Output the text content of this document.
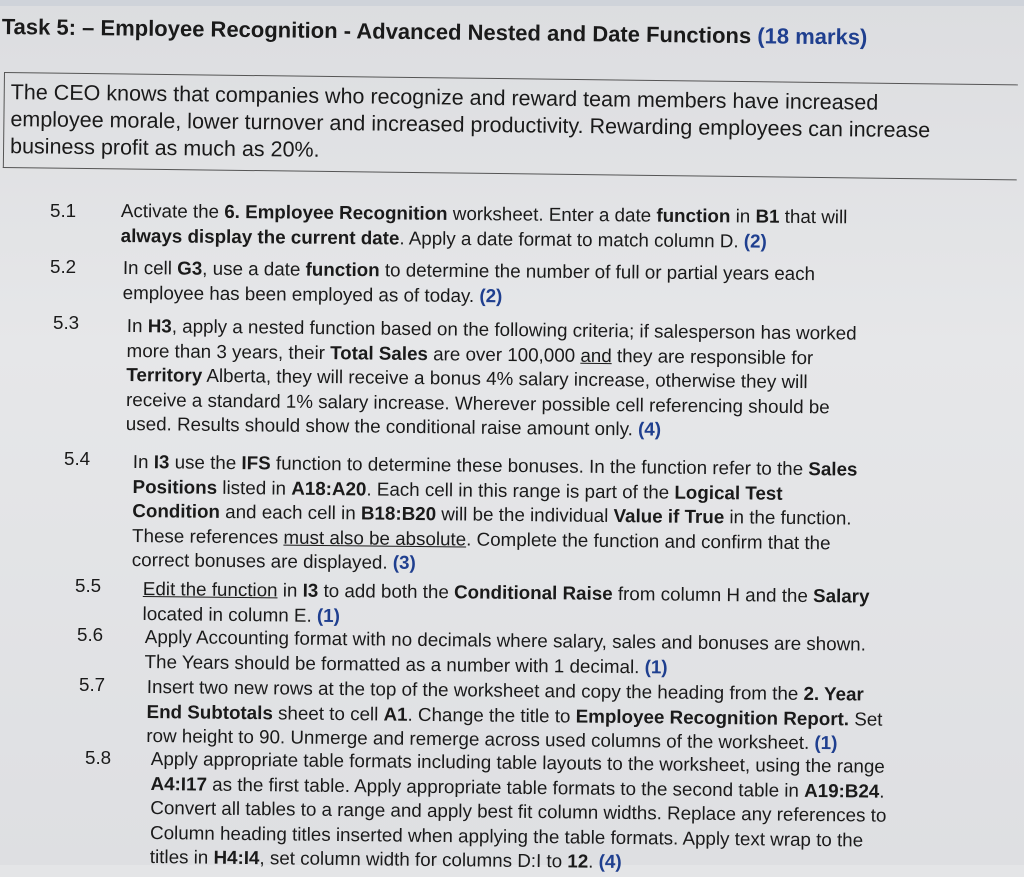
Task 5: – Employee Recognition - Advanced Nested and Date Functions (18 marks)

The CEO knows that companies who recognize and reward team members have increased

employee morale, lower turnover and increased productivity. Rewarding employees can increase

business profit as much as 20%.

5.1 Activate the 6. Employee Recognition worksheet. Enter a date function in B1 that will
always display the current date. Apply a date format to match column D. (2)
5.2 In cell G3, use a date function to determine the number of full or partial years each
employee has been employed as of today. (2)
5.3	In H3, apply a nested function based on the following criteria; if salesperson has worked
more than 3 years, their Total Sales are over 100,000 and they are responsible for
Territory Alberta, they will receive a bonus 4% salary increase, otherwise they will
receive a standard 1% salary increase. Wherever possible cell referencing should be
used. Results should show the conditional raise amount only. (4)
5.4 In I3 use the IFS function to determine these bonuses. In the function refer to the Sales
Positions listed in A18:A20. Each cell in this range is part of the Logical Test
Condition and each cell in B18:B20 will be the individual Value if True in the function.
These references must also be absolute. Complete the function and confirm that the
correct bonuses are displayed. (3)
5.5 Edit the function in I3 to add both the Conditional Raise from column H and the Salary
located in column E. (1)
5.6 Apply Accounting format with no decimals where salary, sales and bonuses are shown.
The Years should be formatted as a number with 1 decimal. (1)
5.7 Insert two new rows at the top of the worksheet and copy the heading from the 2. Year
End Subtotals sheet to cell A1. Change the title to Employee Recognition Report. Set
row height to 90. Unmerge and remerge across used columns of the worksheet. (1)
5.8 Apply appropriate table formats including table layouts to the worksheet, using the range
A4:I17 as the first table. Apply appropriate table formats to the second table in A19:B24.
Convert all tables to a range and apply best fit column widths. Replace any references to
Column heading titles inserted when applying the table formats. Apply text wrap to the
titles in H4:I4, set column width for columns D:I to 12. (4)
